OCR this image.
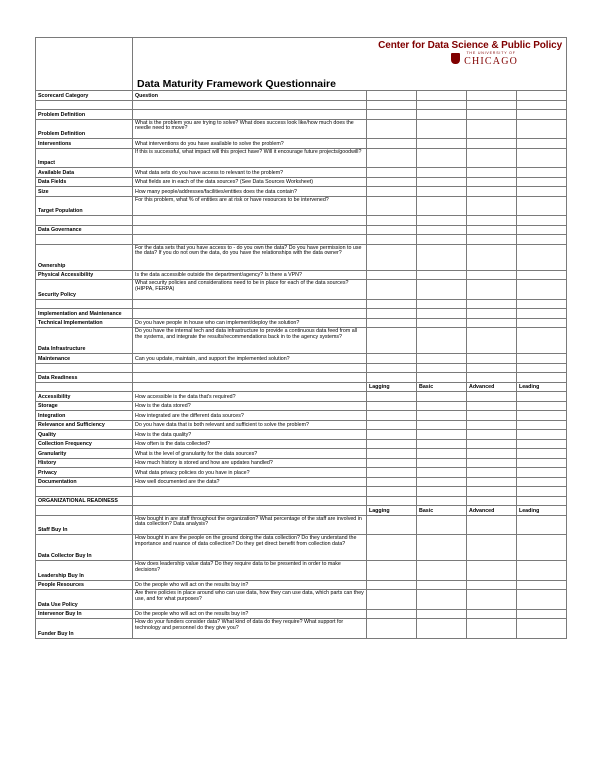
	Data Maturity Framework Questionnaire
Center for Data Science & Public Policy
THE UNIVERSITY OF
CHICAGO				

Scorecard Category	Question				

Problem Definition					
Problem Definition	What is the problem you are trying to solve? What does success look like/how much does the needle need to move?				
Interventions	What interventions do you have available to solve the problem?				
Impact	If this is successful, what impact will this project have? Will it encourage future projects/goodwill?				
Available Data	What data sets do you have access to relevant to the problem?				
Data Fields	What fields are in each of the data sources? (See Data Sources Worksheet)				
Size	How many people/addresses/facilities/entities does the data contain?				
Target Population	For this problem, what % of entities are at risk or have resources to be intervened?				

Data Governance					

Ownership	For the data sets that you have access to - do you own the data? Do you have permission to use the data? If you do not own the data, do you have the relationships with the data owner?				
Physical Accessibility	Is the data accessible outside the department/agency? Is there a VPN?				
Security Policy	What security policies and considerations need to be in place for each of the data sources? (HIPPA, FERPA)				

Implementation and Maintenance					
Technical Implementation	Do you have people in house who can implement/deploy the solution?				
Data Infrastructure	Do you have the internal tech and data infrastructure to provide a continuous data feed from all the systems, and integrate the results/recommendations back in to the agency systems?				
Maintenance	Can you update, maintain, and support the implemented solution?				

Data Readiness					
		Lagging	Basic	Advanced	Leading
Accessibility	How accessible is the data that's required?				
Storage	How is the data stored?				
Integration	How integrated are the different data sources?				
Relevance and Sufficiency	Do you have data that is both relevant and sufficient to solve the problem?				
Quality	How is the data quality?				
Collection Frequency	How often is the data collected?				
Granularity	What is the level of granularity for the data sources?				
History	How much history is stored and how are updates handled?				
Privacy	What data privacy policies do you have in place?				
Documentation	How well documented are the data?				

ORGANIZATIONAL READINESS					
		Lagging	Basic	Advanced	Leading
Staff Buy In	How bought in are staff throughout the organization? What percentage of the staff are involved in data collection? Data analysis?				
Data Collector Buy In	How bought in are the people on the ground doing the data collection? Do they understand the importance and nuance of data collection? Do they get direct benefit from collection data?				
Leadership Buy In	How does leadership value data? Do they require data to be presented in order to make decisions?				
People Resources	Do the people who will act on the results buy in?				
Data Use Policy	Are there policies in place around who can use data, how they can use data, which parts can they use, and for what purposes?				
Intervenor Buy In	Do the people who will act on the results buy in?				
Funder Buy In	How do your funders consider data? What kind of data do they require? What support for technology and personnel do they give you?				
